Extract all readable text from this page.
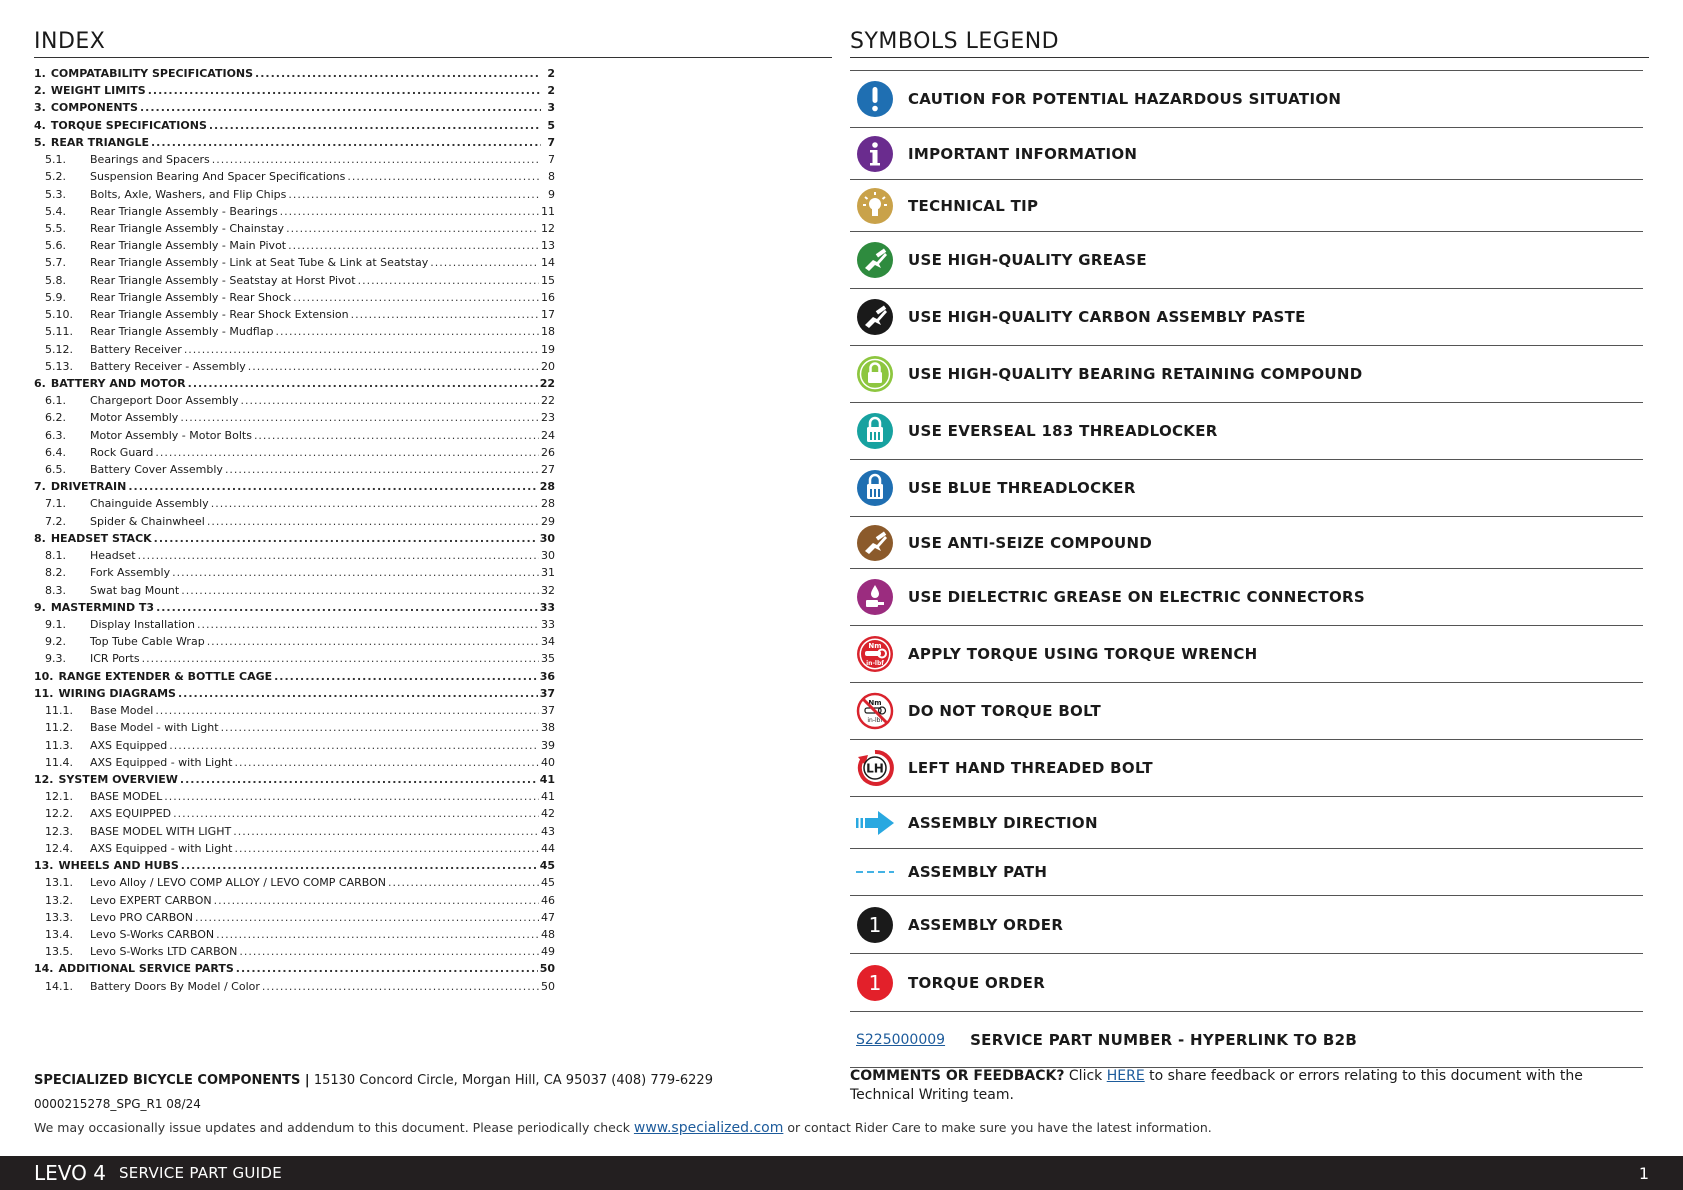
INDEX
1. COMPATABILITY SPECIFICATIONS .....	2
2. WEIGHT LIMITS .....	2
3. COMPONENTS .....	3
4. TORQUE SPECIFICATIONS .....	5
5. REAR TRIANGLE .....	7
5.1.	Bearings and Spacers .....	7
5.2.	Suspension Bearing And Spacer Specifications .....	8
5.3.	Bolts, Axle, Washers, and Flip Chips .....	9
5.4.	Rear Triangle Assembly - Bearings .....	11
5.5.	Rear Triangle Assembly - Chainstay .....	12
5.6.	Rear Triangle Assembly - Main Pivot .....	13
5.7.	Rear Triangle Assembly - Link at Seat Tube & Link at Seatstay .....	14
5.8.	Rear Triangle Assembly - Seatstay at Horst Pivot .....	15
5.9.	Rear Triangle Assembly - Rear Shock .....	16
5.10.	Rear Triangle Assembly - Rear Shock Extension .....	17
5.11.	Rear Triangle Assembly - Mudflap .....	18
5.12.	Battery Receiver .....	19
5.13.	Battery Receiver - Assembly .....	20
6. BATTERY AND MOTOR .....	22
6.1.	Chargeport Door Assembly .....	22
6.2.	Motor Assembly .....	23
6.3.	Motor Assembly - Motor Bolts .....	24
6.4.	Rock Guard .....	26
6.5.	Battery Cover Assembly .....	27
7. DRIVETRAIN .....	28
7.1.	Chainguide Assembly .....	28
7.2.	Spider & Chainwheel .....	29
8. HEADSET STACK .....	30
8.1.	Headset .....	30
8.2.	Fork Assembly .....	31
8.3.	Swat bag Mount .....	32
9. MASTERMIND T3 .....	33
9.1.	Display Installation .....	33
9.2.	Top Tube Cable Wrap .....	34
9.3.	ICR Ports .....	35
10. RANGE EXTENDER & BOTTLE CAGE .....	36
11. WIRING DIAGRAMS .....	37
11.1.	Base Model .....	37
11.2.	Base Model - with Light .....	38
11.3.	AXS Equipped .....	39
11.4.	AXS Equipped - with Light .....	40
12. SYSTEM OVERVIEW .....	41
12.1.	BASE MODEL .....	41
12.2.	AXS EQUIPPED .....	42
12.3.	BASE MODEL WITH LIGHT .....	43
12.4.	AXS Equipped - with Light .....	44
13. WHEELS AND HUBS .....	45
13.1.	Levo Alloy / LEVO COMP ALLOY / LEVO COMP CARBON .....	45
13.2.	Levo EXPERT CARBON .....	46
13.3.	Levo PRO CARBON .....	47
13.4.	Levo S-Works CARBON .....	48
13.5.	Levo S-Works LTD CARBON .....	49
14. ADDITIONAL SERVICE PARTS .....	50
14.1.	Battery Doors By Model / Color .....	50
SYMBOLS LEGEND
CAUTION FOR POTENTIAL HAZARDOUS SITUATION
IMPORTANT INFORMATION
TECHNICAL TIP
USE HIGH-QUALITY GREASE
USE HIGH-QUALITY CARBON ASSEMBLY PASTE
USE HIGH-QUALITY BEARING RETAINING COMPOUND
USE EVERSEAL 183 THREADLOCKER
USE BLUE THREADLOCKER
USE ANTI-SEIZE COMPOUND
USE DIELECTRIC GREASE ON ELECTRIC CONNECTORS
Nm
in-lbf
APPLY TORQUE USING TORQUE WRENCH
Nm
in-lbf
DO NOT TORQUE BOLT
LH LEFT HAND THREADED BOLT
ASSEMBLY DIRECTION
ASSEMBLY PATH
1 ASSEMBLY ORDER
1 TORQUE ORDER
S225000009 SERVICE PART NUMBER - HYPERLINK TO B2B
COMMENTS OR FEEDBACK? Click HERE to share feedback or errors relating to this document with the Technical Writing team.
SPECIALIZED BICYCLE COMPONENTS | 15130 Concord Circle, Morgan Hill, CA 95037 (408) 779-6229
0000215278_SPG_R1 08/24
We may occasionally issue updates and addendum to this document. Please periodically check www.specialized.com or contact Rider Care to make sure you have the latest information.
LEVO 4 SERVICE PART GUIDE	1
